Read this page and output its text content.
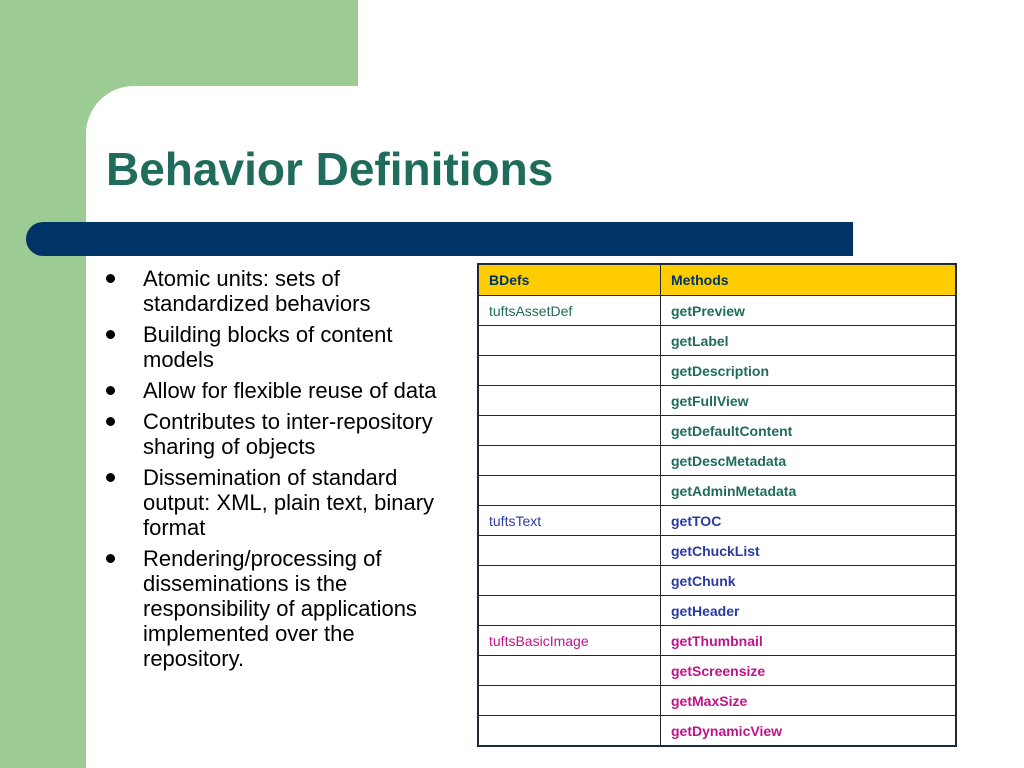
Behavior Definitions
Atomic units: sets of standardized behaviors
Building blocks of content models
Allow for flexible reuse of data
Contributes to inter-repository sharing of objects
Dissemination of standard output: XML, plain text, binary format
Rendering/processing of disseminations is the responsibility of applications implemented over the repository.
BDefs	Methods
tuftsAssetDef	getPreview
	getLabel
	getDescription
	getFullView
	getDefaultContent
	getDescMetadata
	getAdminMetadata
tuftsText	getTOC
	getChuckList
	getChunk
	getHeader
tuftsBasicImage	getThumbnail
	getScreensize
	getMaxSize
	getDynamicView
